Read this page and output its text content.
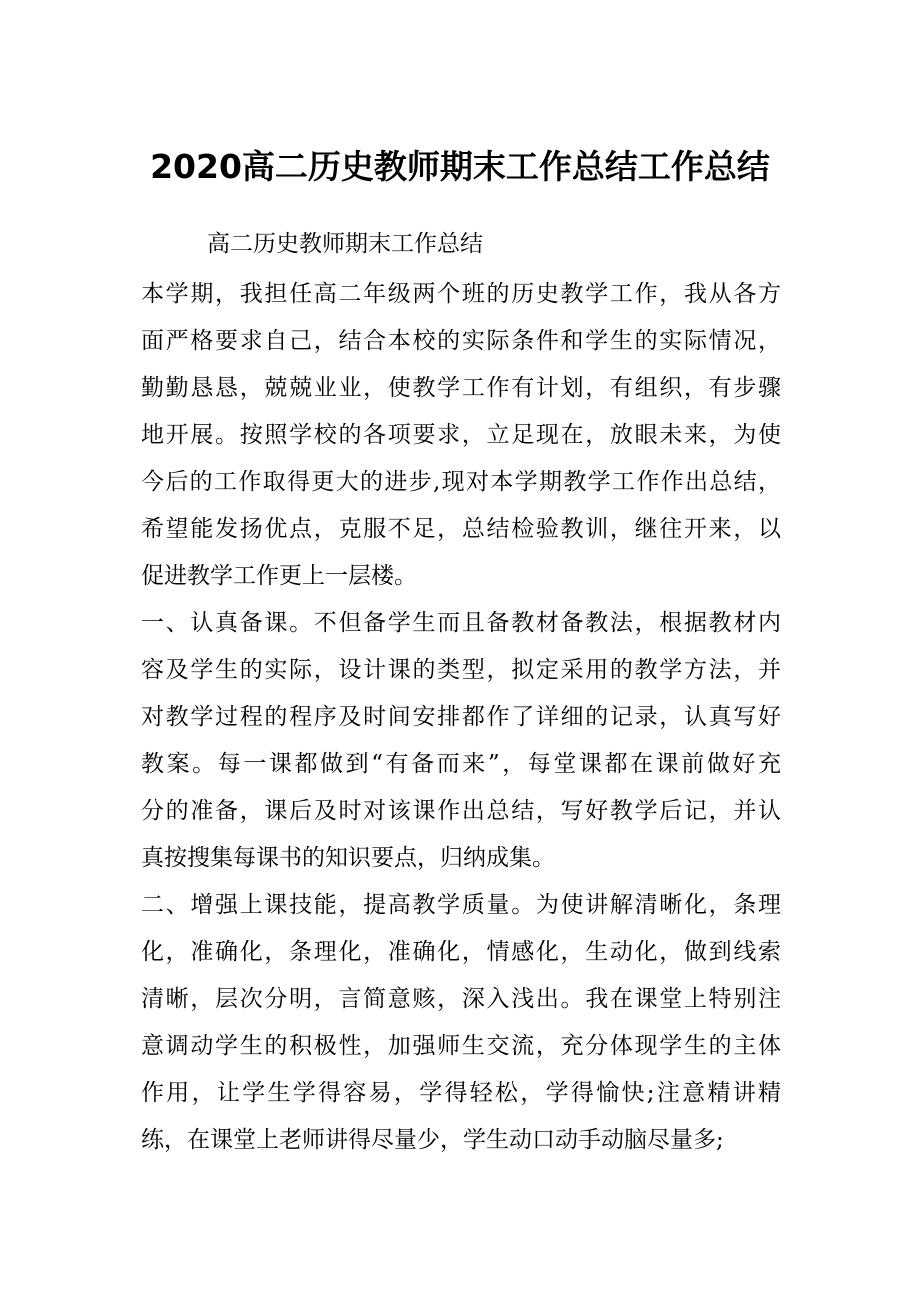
2020高二历史教师期末工作总结工作总结
高二历史教师期末工作总结
本学期，我担任高二年级两个班的历史教学工作，我从各方
面严格要求自己，结合本校的实际条件和学生的实际情况，
勤勤恳恳，兢兢业业，使教学工作有计划，有组织，有步骤
地开展。按照学校的各项要求，立足现在，放眼未来，为使
今后的工作取得更大的进步,现对本学期教学工作作出总结，
希望能发扬优点，克服不足，总结检验教训，继往开来，以
促进教学工作更上一层楼。
一、认真备课。不但备学生而且备教材备教法，根据教材内
容及学生的实际，设计课的类型，拟定采用的教学方法，并
对教学过程的程序及时间安排都作了详细的记录，认真写好
教案。每一课都做到“有备而来”，每堂课都在课前做好充
分的准备，课后及时对该课作出总结，写好教学后记，并认
真按搜集每课书的知识要点，归纳成集。
二、增强上课技能，提高教学质量。为使讲解清晰化，条理
化，准确化，条理化，准确化，情感化，生动化，做到线索
清晰，层次分明，言简意赅，深入浅出。我在课堂上特别注
意调动学生的积极性，加强师生交流，充分体现学生的主体
作用，让学生学得容易，学得轻松，学得愉快;注意精讲精
练，在课堂上老师讲得尽量少，学生动口动手动脑尽量多;
